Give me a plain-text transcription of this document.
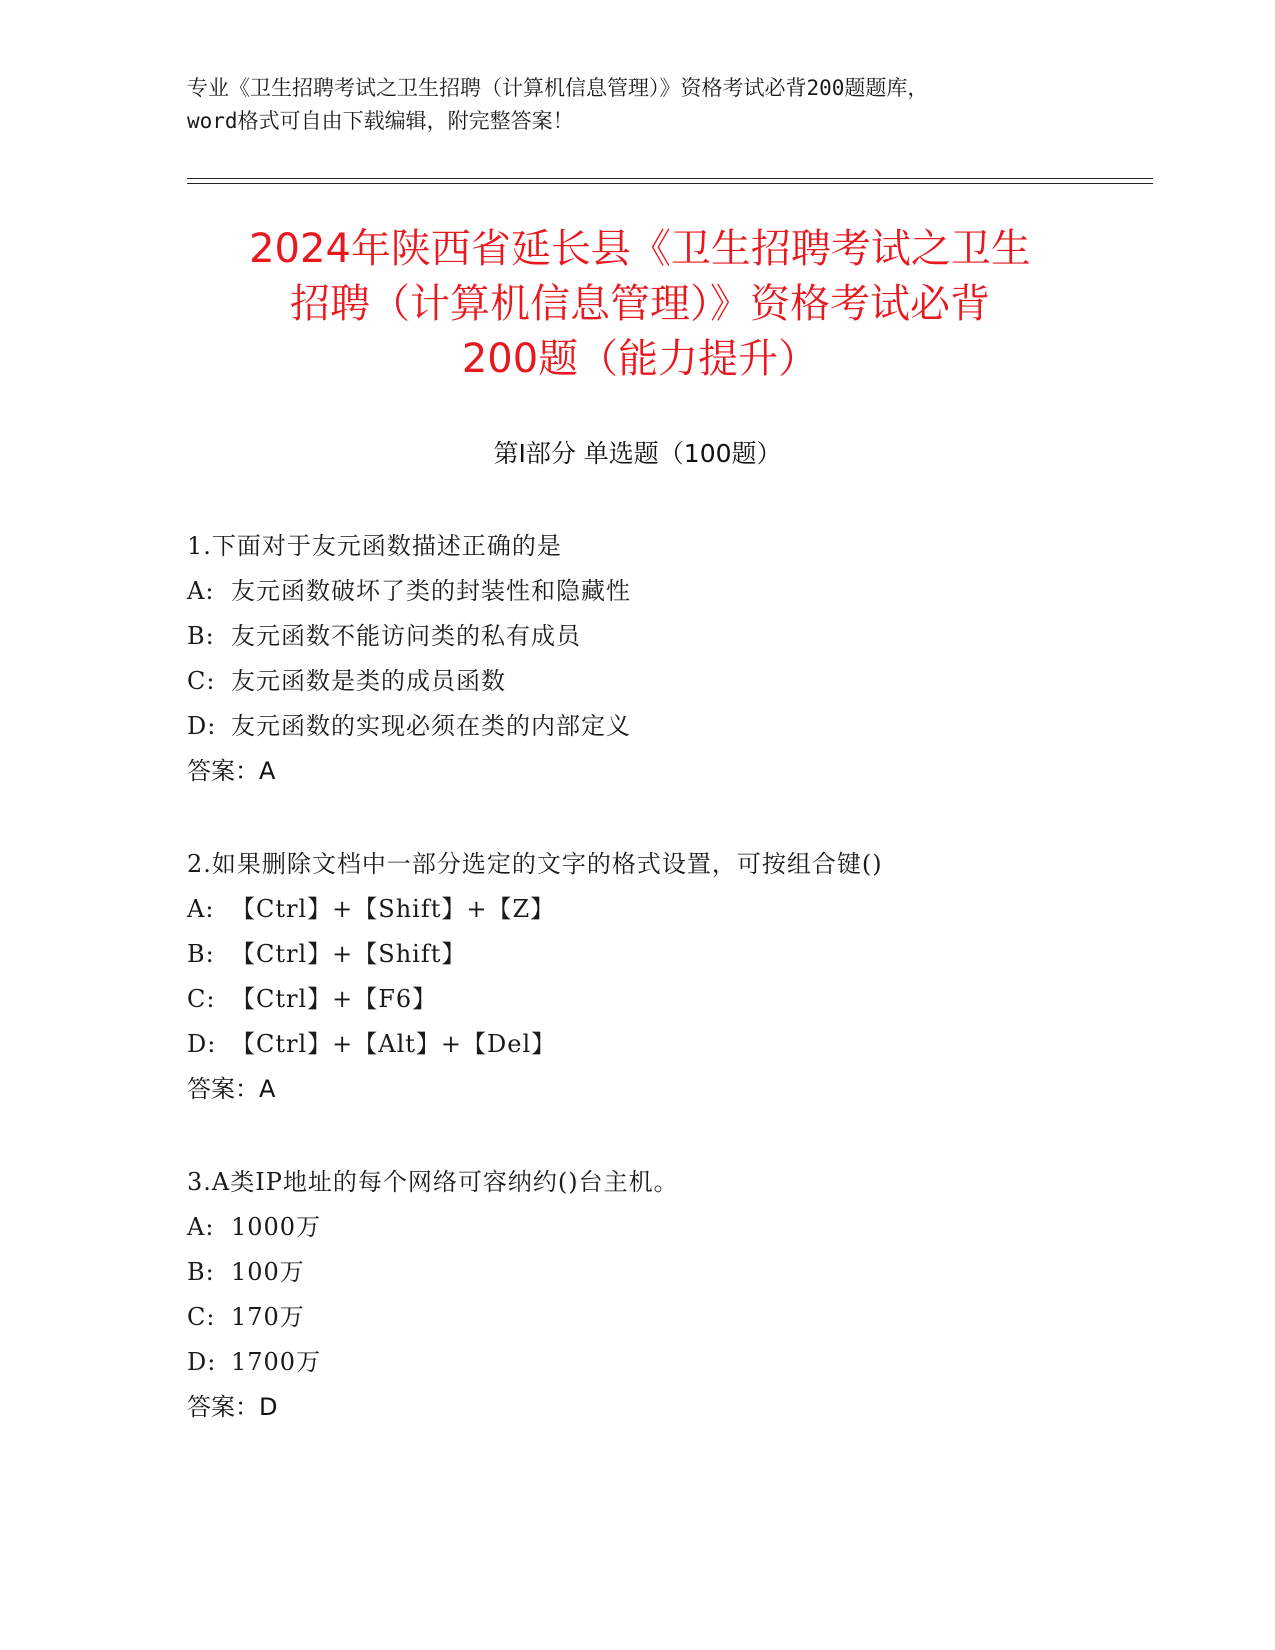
专业《卫生招聘考试之卫生招聘（计算机信息管理）》资格考试必背200题题库，

word格式可自由下载编辑，附完整答案！

2024年陕西省延长县《卫生招聘考试之卫生

招聘（计算机信息管理）》资格考试必背

200题（能力提升）

第Ⅰ部分 单选题（100题）
1.下面对于友元函数描述正确的是
A: 友元函数破坏了类的封装性和隐藏性
B: 友元函数不能访问类的私有成员
C: 友元函数是类的成员函数
D: 友元函数的实现必须在类的内部定义
答案：A
2.如果删除文档中一部分选定的文字的格式设置，可按组合键()
A: 【Ctrl】+【Shift】+【Z】
B: 【Ctrl】+【Shift】
C: 【Ctrl】+【F6】
D: 【Ctrl】+【Alt】+【Del】
答案：A
3.A类IP地址的每个网络可容纳约()台主机。
A: 1000万
B: 100万
C: 170万
D: 1700万
答案：D
